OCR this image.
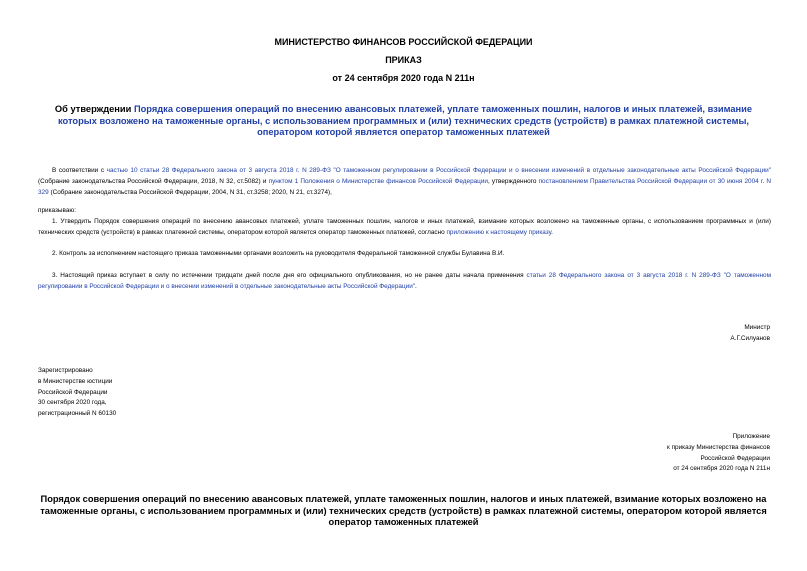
МИНИСТЕРСТВО ФИНАНСОВ РОССИЙСКОЙ ФЕДЕРАЦИИ
ПРИКАЗ
от 24 сентября 2020 года N 211н
Об утверждении Порядка совершения операций по внесению авансовых платежей, уплате таможенных пошлин, налогов и иных платежей, взимание которых возложено на таможенные органы, с использованием программных и (или) технических средств (устройств) в рамках платежной системы, оператором которой является оператор таможенных платежей
В соответствии с частью 10 статьи 28 Федерального закона от 3 августа 2018 г. N 289-ФЗ "О таможенном регулировании в Российской Федерации и о внесении изменений в отдельные законодательные акты Российской Федерации" (Собрание законодательства Российской Федерации, 2018, N 32, ст.5082) и пунктом 1 Положения о Министерстве финансов Российской Федерации, утвержденного постановлением Правительства Российской Федерации от 30 июня 2004 г. N 329 (Собрание законодательства Российской Федерации, 2004, N 31, ст.3258; 2020, N 21, ст.3274),
приказываю:
1. Утвердить Порядок совершения операций по внесению авансовых платежей, уплате таможенных пошлин, налогов и иных платежей, взимание которых возложено на таможенные органы, с использованием программных и (или) технических средств (устройств) в рамках платежной системы, оператором которой является оператор таможенных платежей, согласно приложению к настоящему приказу.
2. Контроль за исполнением настоящего приказа таможенными органами возложить на руководителя Федеральной таможенной службы Булавина В.И.
3. Настоящий приказ вступает в силу по истечении тридцати дней после дня его официального опубликования, но не ранее даты начала применения статьи 28 Федерального закона от 3 августа 2018 г. N 289-ФЗ "О таможенном регулировании в Российской Федерации и о внесении изменений в отдельные законодательные акты Российской Федерации".
Министр
А.Г.Силуанов
Зарегистрировано
в Министерстве юстиции
Российской Федерации
30 сентября 2020 года,
регистрационный N 60130
Приложение
к приказу Министерства финансов
Российской Федерации
от 24 сентября 2020 года N 211н
Порядок совершения операций по внесению авансовых платежей, уплате таможенных пошлин, налогов и иных платежей, взимание которых возложено на таможенные органы, с использованием программных и (или) технических средств (устройств) в рамках платежной системы, оператором которой является оператор таможенных платежей
